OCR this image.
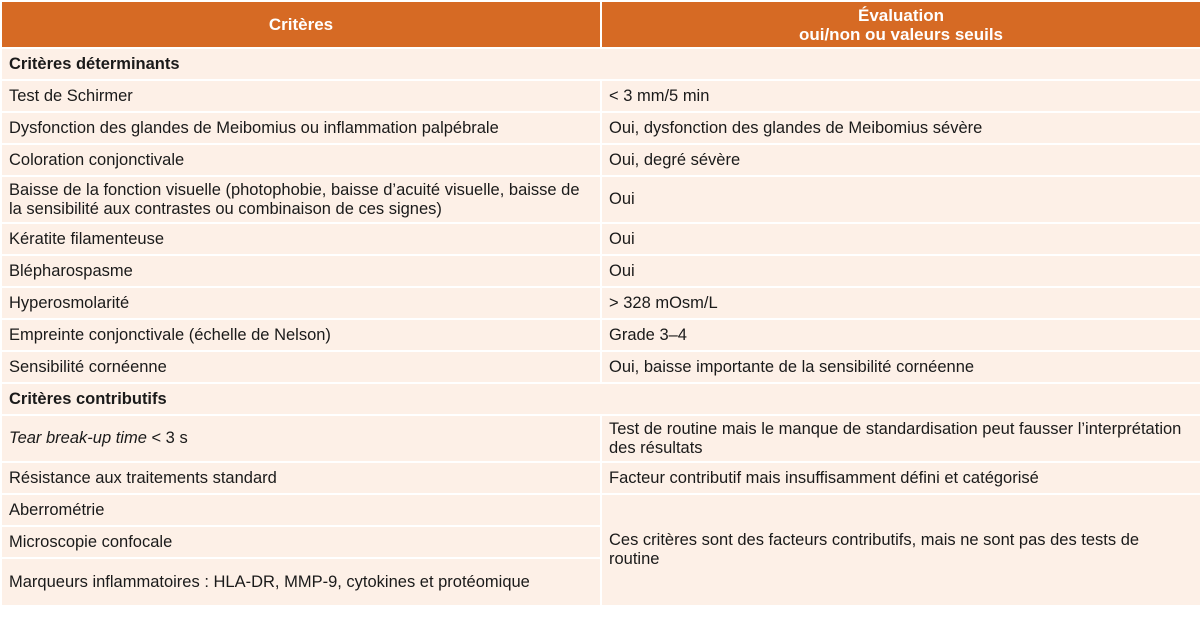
Critères	Évaluation
oui/non ou valeurs seuils
Critères déterminants	
Test de Schirmer	< 3 mm/5 min
Dysfonction des glandes de Meibomius ou inflammation palpébrale	Oui, dysfonction des glandes de Meibomius sévère
Coloration conjonctivale	Oui, degré sévère
Baisse de la fonction visuelle (photophobie, baisse d’acuité visuelle, baisse de la sensibilité aux contrastes ou combinaison de ces signes)	Oui
Kératite filamenteuse	Oui
Blépharospasme	Oui
Hyperosmolarité	> 328 mOsm/L
Empreinte conjonctivale (échelle de Nelson)	Grade 3–4
Sensibilité cornéenne	Oui, baisse importante de la sensibilité cornéenne
Critères contributifs	
Tear break-up time < 3 s	Test de routine mais le manque de standardisation peut fausser l’interprétation des résultats
Résistance aux traitements standard	Facteur contributif mais insuffisamment défini et catégorisé
Aberrométrie	Ces critères sont des facteurs contributifs, mais ne sont pas des tests de routine
Microscopie confocale	
Marqueurs inflammatoires : HLA-DR, MMP-9, cytokines et protéomique	
